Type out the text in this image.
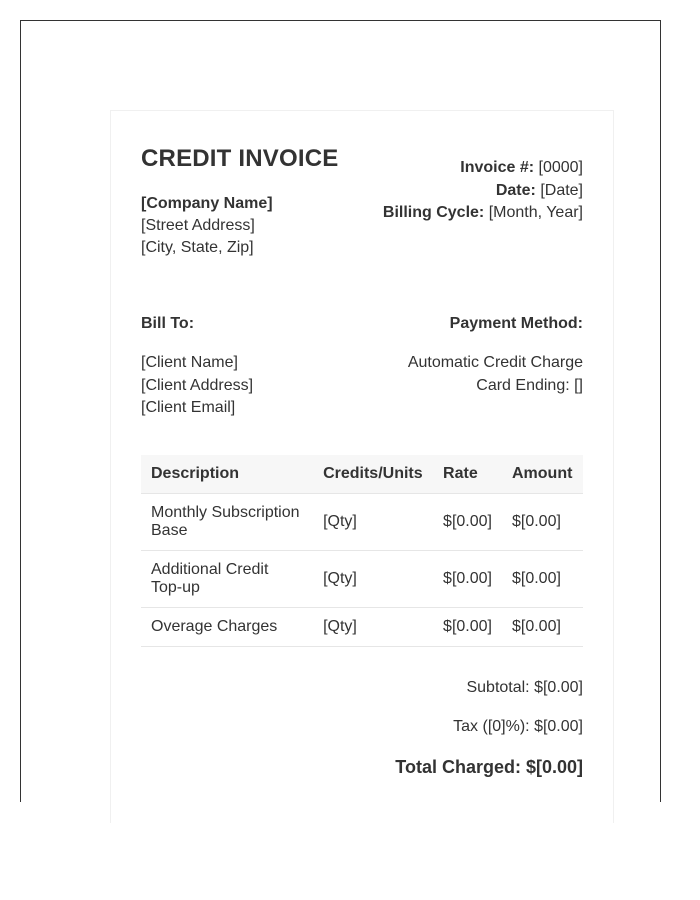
CREDIT INVOICE
[Company Name]
[Street Address]
[City, State, Zip]
Invoice #: [0000]
Date: [Date]
Billing Cycle: [Month, Year]
Bill To:
[Client Name]
[Client Address]
[Client Email]
Payment Method:
Automatic Credit Charge
Card Ending: []
Description	Credits/Units	Rate	Amount
Monthly Subscription Base	[Qty]	$[0.00]	$[0.00]
Additional Credit Top-up	[Qty]	$[0.00]	$[0.00]
Overage Charges	[Qty]	$[0.00]	$[0.00]
Subtotal: $[0.00]
Tax ([0]%): $[0.00]
Total Charged: $[0.00]
